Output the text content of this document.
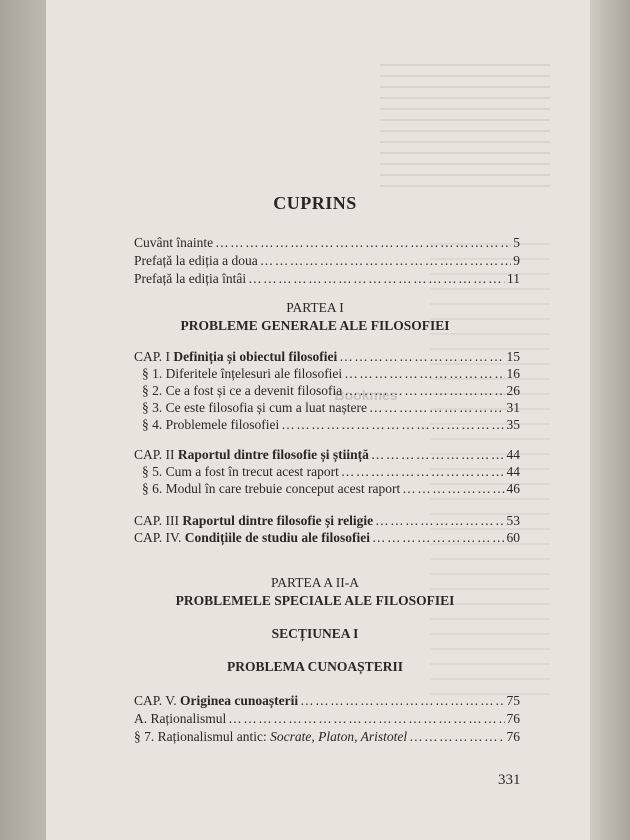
CUPRINS
Cuvânt înainte ……………………………………………………………………………………………	5
Prefață la ediția a doua ……………………………………………………………………………………………	9
Prefață la ediția întâi ……………………………………………………………………………………………	11
PARTEA I
PROBLEME GENERALE ALE FILOSOFIEI
CAP. I Definiția și obiectul filosofiei ……………………………………………………………………………………………	15
§ 1. Diferitele înțelesuri ale filosofiei ……………………………………………………………………………………………	16
§ 2. Ce a fost și ce a devenit filosofia ……………………………………………………………………………………………	26
§ 3. Ce este filosofia și cum a luat naștere ……………………………………………………………………………………………	31
§ 4. Problemele filosofiei ……………………………………………………………………………………………	35
CAP. II Raportul dintre filosofie și știință ……………………………………………………………………………………………	44
§ 5. Cum a fost în trecut acest raport ……………………………………………………………………………………………	44
§ 6. Modul în care trebuie conceput acest raport ……………………………………………………………………………………………	46
CAP. III Raportul dintre filosofie și religie ……………………………………………………………………………………………	53
CAP. IV. Condițiile de studiu ale filosofiei ……………………………………………………………………………………………	60
PARTEA A II-A
PROBLEMELE SPECIALE ALE FILOSOFIEI
SECȚIUNEA I
PROBLEMA CUNOAȘTERII
CAP. V. Originea cunoașterii ……………………………………………………………………………………………	75
A. Raționalismul ……………………………………………………………………………………………	76
§ 7. Raționalismul antic: Socrate, Platon, Aristotel ……………………………………………………………………………………………	76
331
Bookmes
